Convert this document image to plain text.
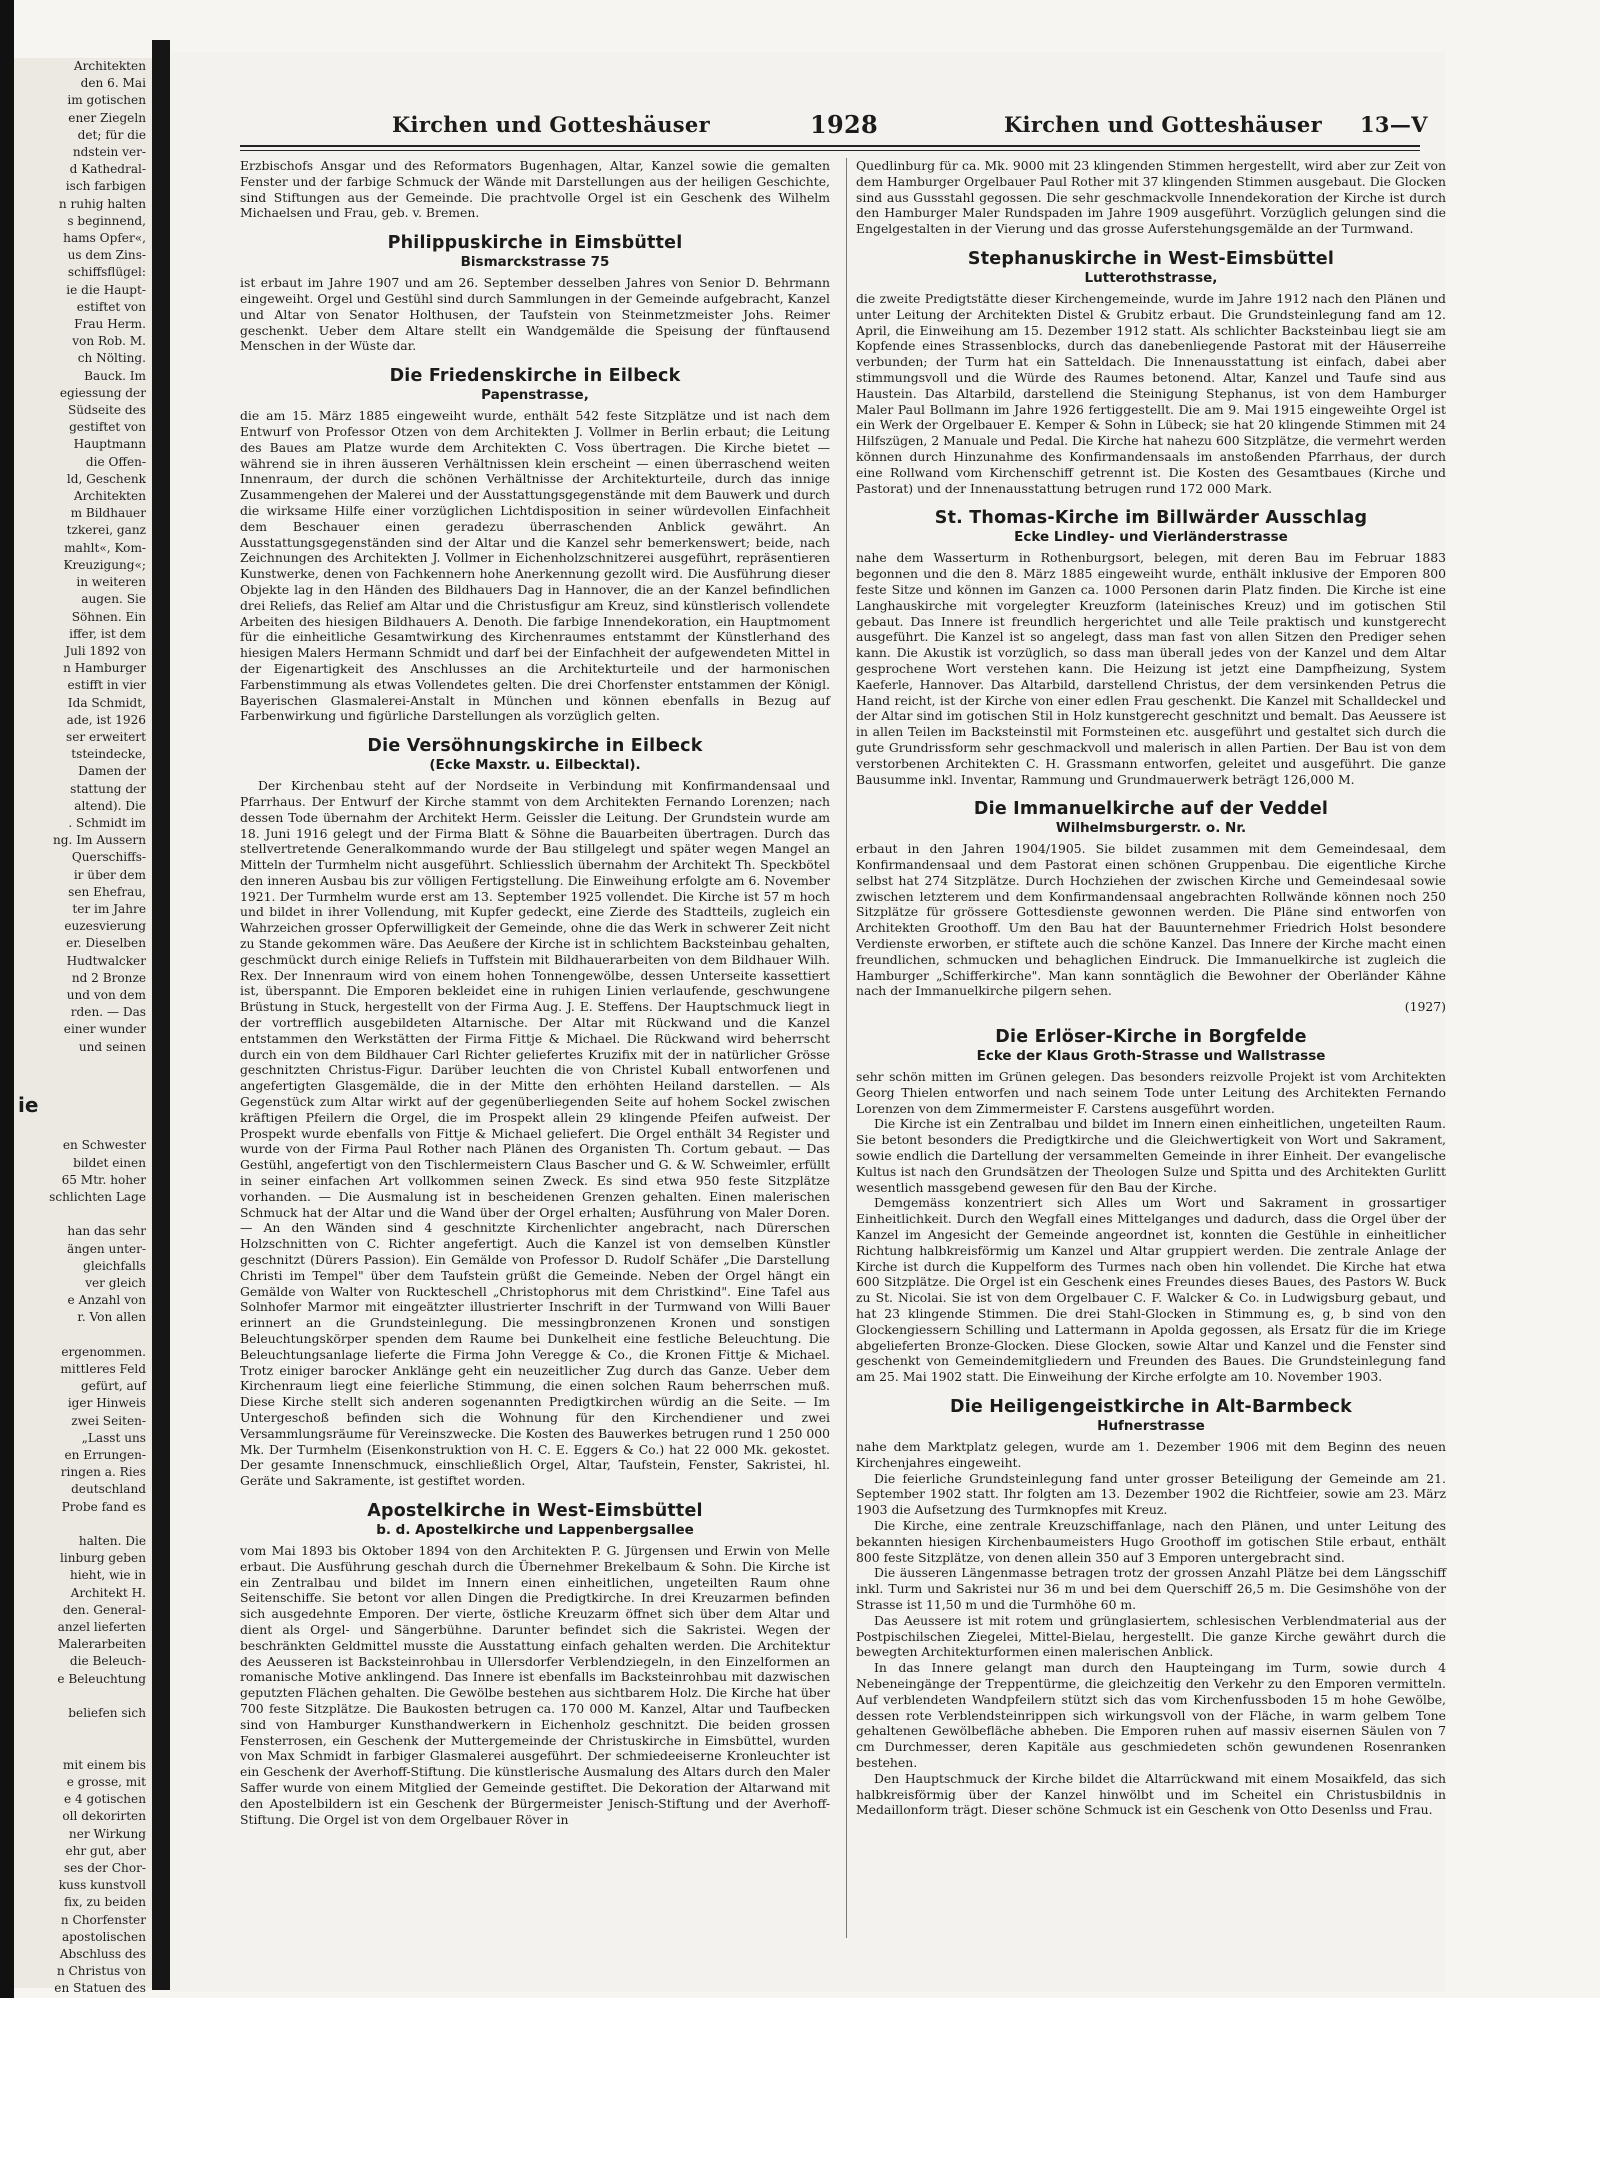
Architekten
den 6. Mai
im gotischen
ener Ziegeln
det; für die
ndstein ver-
d Kathedral-
isch farbigen
n ruhig halten
s beginnend,
hams Opfer«,
us dem Zins-
schiffsflügel:
ie die Haupt-
estiftet von
Frau Herm.
von Rob. M.
ch Nölting.
Bauck. Im
egiessung der
Südseite des
gestiftet von
Hauptmann
die Offen-
ld, Geschenk
Architekten
m Bildhauer
tzkerei, ganz
mahlt«, Kom-
Kreuzigung«;
in weiteren
augen. Sie
Söhnen. Ein
iffer, ist dem
Juli 1892 von
n Hamburger
estifft in vier
Ida Schmidt,
ade, ist 1926
ser erweitert
tsteindecke,
Damen der
stattung der
altend). Die
. Schmidt im
ng. Im Aussern
Querschiffs-
ir über dem
sen Ehefrau,
ter im Jahre
euzesvierung
er. Dieselben
Hudtwalcker
nd 2 Bronze
und von dem
rden. — Das
einer wunder
und seinen

ie

en Schwester
bildet einen
65 Mtr. hoher
schlichten Lage

han das sehr
ängen unter-
gleichfalls
ver gleich
e Anzahl von
r. Von allen

ergenommen.
mittleres Feld
gefürt, auf
iger Hinweis
zwei Seiten-
„Lasst uns
en Errungen-
ringen a. Ries
deutschland
Probe fand es

halten. Die
linburg geben
hieht, wie in
Architekt H.
den. General-
anzel lieferten
Malerarbeiten
die Beleuch-
e Beleuchtung

beliefen sich

mit einem bis
e grosse, mit
e 4 gotischen
oll dekorirten
ner Wirkung
ehr gut, aber
ses der Chor-
kuss kunstvoll
fix, zu beiden
n Chorfenster
apostolischen
Abschluss des
n Christus von
en Statuen des
Kirchen und Gotteshäuser	1928	Kirchen und Gotteshäuser 13—V

Erzbischofs Ansgar und des Reformators Bugenhagen, Altar, Kanzel sowie die gemalten Fenster und der farbige Schmuck der Wände mit Darstellungen aus der heiligen Geschichte, sind Stiftungen aus der Gemeinde. Die prachtvolle Orgel ist ein Geschenk des Wilhelm Michaelsen und Frau, geb. v. Bremen.

Philippuskirche in Eimsbüttel
Bismarckstrasse 75

ist erbaut im Jahre 1907 und am 26. September desselben Jahres von Senior D. Behrmann eingeweiht. Orgel und Gestühl sind durch Sammlungen in der Gemeinde aufgebracht, Kanzel und Altar von Senator Holthusen, der Taufstein von Steinmetzmeister Johs. Reimer geschenkt. Ueber dem Altare stellt ein Wandgemälde die Speisung der fünftausend Menschen in der Wüste dar.

Die Friedenskirche in Eilbeck
Papenstrasse,

die am 15. März 1885 eingeweiht wurde, enthält 542 feste Sitzplätze und ist nach dem Entwurf von Professor Otzen von dem Architekten J. Vollmer in Berlin erbaut; die Leitung des Baues am Platze wurde dem Architekten C. Voss übertragen. Die Kirche bietet — während sie in ihren äusseren Verhältnissen klein erscheint — einen überraschend weiten Innenraum, der durch die schönen Verhältnisse der Architekturteile, durch das innige Zusammengehen der Malerei und der Ausstattungsgegenstände mit dem Bauwerk und durch die wirksame Hilfe einer vorzüglichen Lichtdisposition in seiner würdevollen Einfachheit dem Beschauer einen geradezu überraschenden Anblick gewährt. An Ausstattungsgegenständen sind der Altar und die Kanzel sehr bemerkenswert; beide, nach Zeichnungen des Architekten J. Vollmer in Eichenholzschnitzerei ausgeführt, repräsentieren Kunstwerke, denen von Fachkennern hohe Anerkennung gezollt wird. Die Ausführung dieser Objekte lag in den Händen des Bildhauers Dag in Hannover, die an der Kanzel befindlichen drei Reliefs, das Relief am Altar und die Christusfigur am Kreuz, sind künstlerisch vollendete Arbeiten des hiesigen Bildhauers A. Denoth. Die farbige Innendekoration, ein Hauptmoment für die einheitliche Gesamtwirkung des Kirchenraumes entstammt der Künstlerhand des hiesigen Malers Hermann Schmidt und darf bei der Einfachheit der aufgewendeten Mittel in der Eigenartigkeit des Anschlusses an die Architekturteile und der harmonischen Farbenstimmung als etwas Vollendetes gelten. Die drei Chorfenster entstammen der Königl. Bayerischen Glasmalerei-Anstalt in München und können ebenfalls in Bezug auf Farbenwirkung und figürliche Darstellungen als vorzüglich gelten.

Die Versöhnungskirche in Eilbeck
(Ecke Maxstr. u. Eilbecktal).

Der Kirchenbau steht auf der Nordseite in Verbindung mit Konfirmandensaal und Pfarrhaus. Der Entwurf der Kirche stammt von dem Architekten Fernando Lorenzen; nach dessen Tode übernahm der Architekt Herm. Geissler die Leitung. Der Grundstein wurde am 18. Juni 1916 gelegt und der Firma Blatt & Söhne die Bauarbeiten übertragen. Durch das stellvertretende Generalkommando wurde der Bau stillgelegt und später wegen Mangel an Mitteln der Turmhelm nicht ausgeführt. Schliesslich übernahm der Architekt Th. Speckbötel den inneren Ausbau bis zur völligen Fertigstellung. Die Einweihung erfolgte am 6. November 1921. Der Turmhelm wurde erst am 13. September 1925 vollendet. Die Kirche ist 57 m hoch und bildet in ihrer Vollendung, mit Kupfer gedeckt, eine Zierde des Stadtteils, zugleich ein Wahrzeichen grosser Opferwilligkeit der Gemeinde, ohne die das Werk in schwerer Zeit nicht zu Stande gekommen wäre. Das Aeußere der Kirche ist in schlichtem Backsteinbau gehalten, geschmückt durch einige Reliefs in Tuffstein mit Bildhauerarbeiten von dem Bildhauer Wilh. Rex. Der Innenraum wird von einem hohen Tonnengewölbe, dessen Unterseite kassettiert ist, überspannt. Die Emporen bekleidet eine in ruhigen Linien verlaufende, geschwungene Brüstung in Stuck, hergestellt von der Firma Aug. J. E. Steffens. Der Hauptschmuck liegt in der vortrefflich ausgebildeten Altarnische. Der Altar mit Rückwand und die Kanzel entstammen den Werkstätten der Firma Fittje & Michael. Die Rückwand wird beherrscht durch ein von dem Bildhauer Carl Richter geliefertes Kruzifix mit der in natürlicher Grösse geschnitzten Christus-Figur. Darüber leuchten die von Christel Kuball entworfenen und angefertigten Glasgemälde, die in der Mitte den erhöhten Heiland darstellen. — Als Gegenstück zum Altar wirkt auf der gegenüberliegenden Seite auf hohem Sockel zwischen kräftigen Pfeilern die Orgel, die im Prospekt allein 29 klingende Pfeifen aufweist. Der Prospekt wurde ebenfalls von Fittje & Michael geliefert. Die Orgel enthält 34 Register und wurde von der Firma Paul Rother nach Plänen des Organisten Th. Cortum gebaut. — Das Gestühl, angefertigt von den Tischlermeistern Claus Bascher und G. & W. Schweimler, erfüllt in seiner einfachen Art vollkommen seinen Zweck. Es sind etwa 950 feste Sitzplätze vorhanden. — Die Ausmalung ist in bescheidenen Grenzen gehalten. Einen malerischen Schmuck hat der Altar und die Wand über der Orgel erhalten; Ausführung von Maler Doren. — An den Wänden sind 4 geschnitzte Kirchenlichter angebracht, nach Dürerschen Holzschnitten von C. Richter angefertigt. Auch die Kanzel ist von demselben Künstler geschnitzt (Dürers Passion). Ein Gemälde von Professor D. Rudolf Schäfer „Die Darstellung Christi im Tempel" über dem Taufstein grüßt die Gemeinde. Neben der Orgel hängt ein Gemälde von Walter von Ruckteschell „Christophorus mit dem Christkind". Eine Tafel aus Solnhofer Marmor mit eingeätzter illustrierter Inschrift in der Turmwand von Willi Bauer erinnert an die Grundsteinlegung. Die messingbronzenen Kronen und sonstigen Beleuchtungskörper spenden dem Raume bei Dunkelheit eine festliche Beleuchtung. Die Beleuchtungsanlage lieferte die Firma John Veregge & Co., die Kronen Fittje & Michael. Trotz einiger barocker Anklänge geht ein neuzeitlicher Zug durch das Ganze. Ueber dem Kirchenraum liegt eine feierliche Stimmung, die einen solchen Raum beherrschen muß. Diese Kirche stellt sich anderen sogenannten Predigtkirchen würdig an die Seite. — Im Untergeschoß befinden sich die Wohnung für den Kirchendiener und zwei Versammlungsräume für Vereinszwecke. Die Kosten des Bauwerkes betrugen rund 1 250 000 Mk. Der Turmhelm (Eisenkonstruktion von H. C. E. Eggers & Co.) hat 22 000 Mk. gekostet. Der gesamte Innenschmuck, einschließlich Orgel, Altar, Taufstein, Fenster, Sakristei, hl. Geräte und Sakramente, ist gestiftet worden.

Apostelkirche in West-Eimsbüttel
b. d. Apostelkirche und Lappenbergsallee

vom Mai 1893 bis Oktober 1894 von den Architekten P. G. Jürgensen und Erwin von Melle erbaut. Die Ausführung geschah durch die Übernehmer Brekelbaum & Sohn. Die Kirche ist ein Zentralbau und bildet im Innern einen einheitlichen, ungeteilten Raum ohne Seitenschiffe. Sie betont vor allen Dingen die Predigtkirche. In drei Kreuzarmen befinden sich ausgedehnte Emporen. Der vierte, östliche Kreuzarm öffnet sich über dem Altar und dient als Orgel- und Sängerbühne. Darunter befindet sich die Sakristei. Wegen der beschränkten Geldmittel musste die Ausstattung einfach gehalten werden. Die Architektur des Aeusseren ist Backsteinrohbau in Ullersdorfer Verblendziegeln, in den Einzelformen an romanische Motive anklingend. Das Innere ist ebenfalls im Backsteinrohbau mit dazwischen geputzten Flächen gehalten. Die Gewölbe bestehen aus sichtbarem Holz. Die Kirche hat über 700 feste Sitzplätze. Die Baukosten betrugen ca. 170 000 M. Kanzel, Altar und Taufbecken sind von Hamburger Kunsthandwerkern in Eichenholz geschnitzt. Die beiden grossen Fensterrosen, ein Geschenk der Muttergemeinde der Christuskirche in Eimsbüttel, wurden von Max Schmidt in farbiger Glasmalerei ausgeführt. Der schmiedeeiserne Kronleuchter ist ein Geschenk der Averhoff-Stiftung. Die künstlerische Ausmalung des Altars durch den Maler Saffer wurde von einem Mitglied der Gemeinde gestiftet. Die Dekoration der Altarwand mit den Apostelbildern ist ein Geschenk der Bürgermeister Jenisch-Stiftung und der Averhoff-Stiftung. Die Orgel ist von dem Orgelbauer Röver in

Quedlinburg für ca. Mk. 9000 mit 23 klingenden Stimmen hergestellt, wird aber zur Zeit von dem Hamburger Orgelbauer Paul Rother mit 37 klingenden Stimmen ausgebaut. Die Glocken sind aus Gussstahl gegossen. Die sehr geschmackvolle Innendekoration der Kirche ist durch den Hamburger Maler Rundspaden im Jahre 1909 ausgeführt. Vorzüglich gelungen sind die Engelgestalten in der Vierung und das grosse Auferstehungsgemälde an der Turmwand.

Stephanuskirche in West-Eimsbüttel
Lutterothstrasse,

die zweite Predigtstätte dieser Kirchengemeinde, wurde im Jahre 1912 nach den Plänen und unter Leitung der Architekten Distel & Grubitz erbaut. Die Grundsteinlegung fand am 12. April, die Einweihung am 15. Dezember 1912 statt. Als schlichter Backsteinbau liegt sie am Kopfende eines Strassenblocks, durch das danebenliegende Pastorat mit der Häuserreihe verbunden; der Turm hat ein Satteldach. Die Innenausstattung ist einfach, dabei aber stimmungsvoll und die Würde des Raumes betonend. Altar, Kanzel und Taufe sind aus Haustein. Das Altarbild, darstellend die Steinigung Stephanus, ist von dem Hamburger Maler Paul Bollmann im Jahre 1926 fertiggestellt. Die am 9. Mai 1915 eingeweihte Orgel ist ein Werk der Orgelbauer E. Kemper & Sohn in Lübeck; sie hat 20 klingende Stimmen mit 24 Hilfszügen, 2 Manuale und Pedal. Die Kirche hat nahezu 600 Sitzplätze, die vermehrt werden können durch Hinzunahme des Konfirmandensaals im anstoßenden Pfarrhaus, der durch eine Rollwand vom Kirchenschiff getrennt ist. Die Kosten des Gesamtbaues (Kirche und Pastorat) und der Innenausstattung betrugen rund 172 000 Mark.

St. Thomas-Kirche im Billwärder Ausschlag
Ecke Lindley- und Vierländerstrasse

nahe dem Wasserturm in Rothenburgsort, belegen, mit deren Bau im Februar 1883 begonnen und die den 8. März 1885 eingeweiht wurde, enthält inklusive der Emporen 800 feste Sitze und können im Ganzen ca. 1000 Personen darin Platz finden. Die Kirche ist eine Langhauskirche mit vorgelegter Kreuzform (lateinisches Kreuz) und im gotischen Stil gebaut. Das Innere ist freundlich hergerichtet und alle Teile praktisch und kunstgerecht ausgeführt. Die Kanzel ist so angelegt, dass man fast von allen Sitzen den Prediger sehen kann. Die Akustik ist vorzüglich, so dass man überall jedes von der Kanzel und dem Altar gesprochene Wort verstehen kann. Die Heizung ist jetzt eine Dampfheizung, System Kaeferle, Hannover. Das Altarbild, darstellend Christus, der dem versinkenden Petrus die Hand reicht, ist der Kirche von einer edlen Frau geschenkt. Die Kanzel mit Schalldeckel und der Altar sind im gotischen Stil in Holz kunstgerecht geschnitzt und bemalt. Das Aeussere ist in allen Teilen im Backsteinstil mit Formsteinen etc. ausgeführt und gestaltet sich durch die gute Grundrissform sehr geschmackvoll und malerisch in allen Partien. Der Bau ist von dem verstorbenen Architekten C. H. Grassmann entworfen, geleitet und ausgeführt. Die ganze Bausumme inkl. Inventar, Rammung und Grundmauerwerk beträgt 126,000 M.

Die Immanuelkirche auf der Veddel
Wilhelmsburgerstr. o. Nr.

erbaut in den Jahren 1904/1905. Sie bildet zusammen mit dem Gemeindesaal, dem Konfirmandensaal und dem Pastorat einen schönen Gruppenbau. Die eigentliche Kirche selbst hat 274 Sitzplätze. Durch Hochziehen der zwischen Kirche und Gemeindesaal sowie zwischen letzterem und dem Konfirmandensaal angebrachten Rollwände können noch 250 Sitzplätze für grössere Gottesdienste gewonnen werden. Die Pläne sind entworfen von Architekten Groothoff. Um den Bau hat der Bauunternehmer Friedrich Holst besondere Verdienste erworben, er stiftete auch die schöne Kanzel. Das Innere der Kirche macht einen freundlichen, schmucken und behaglichen Eindruck. Die Immanuelkirche ist zugleich die Hamburger „Schifferkirche". Man kann sonntäglich die Bewohner der Oberländer Kähne nach der Immanuelkirche pilgern sehen.

(1927)

Die Erlöser-Kirche in Borgfelde
Ecke der Klaus Groth-Strasse und Wallstrasse

sehr schön mitten im Grünen gelegen. Das besonders reizvolle Projekt ist vom Architekten Georg Thielen entworfen und nach seinem Tode unter Leitung des Architekten Fernando Lorenzen von dem Zimmermeister F. Carstens ausgeführt worden.

Die Kirche ist ein Zentralbau und bildet im Innern einen einheitlichen, ungeteilten Raum. Sie betont besonders die Predigtkirche und die Gleichwertigkeit von Wort und Sakrament, sowie endlich die Dartellung der versammelten Gemeinde in ihrer Einheit. Der evangelische Kultus ist nach den Grundsätzen der Theologen Sulze und Spitta und des Architekten Gurlitt wesentlich massgebend gewesen für den Bau der Kirche.

Demgemäss konzentriert sich Alles um Wort und Sakrament in grossartiger Einheitlichkeit. Durch den Wegfall eines Mittelganges und dadurch, dass die Orgel über der Kanzel im Angesicht der Gemeinde angeordnet ist, konnten die Gestühle in einheitlicher Richtung halbkreisförmig um Kanzel und Altar gruppiert werden. Die zentrale Anlage der Kirche ist durch die Kuppelform des Turmes nach oben hin vollendet. Die Kirche hat etwa 600 Sitzplätze. Die Orgel ist ein Geschenk eines Freundes dieses Baues, des Pastors W. Buck zu St. Nicolai. Sie ist von dem Orgelbauer C. F. Walcker & Co. in Ludwigsburg gebaut, und hat 23 klingende Stimmen. Die drei Stahl-Glocken in Stimmung es, g, b sind von den Glockengiessern Schilling und Lattermann in Apolda gegossen, als Ersatz für die im Kriege abgelieferten Bronze-Glocken. Diese Glocken, sowie Altar und Kanzel und die Fenster sind geschenkt von Gemeindemitgliedern und Freunden des Baues. Die Grundsteinlegung fand am 25. Mai 1902 statt. Die Einweihung der Kirche erfolgte am 10. November 1903.

Die Heiligengeistkirche in Alt-Barmbeck
Hufnerstrasse

nahe dem Marktplatz gelegen, wurde am 1. Dezember 1906 mit dem Beginn des neuen Kirchenjahres eingeweiht.

Die feierliche Grundsteinlegung fand unter grosser Beteiligung der Gemeinde am 21. September 1902 statt. Ihr folgten am 13. Dezember 1902 die Richtfeier, sowie am 23. März 1903 die Aufsetzung des Turmknopfes mit Kreuz.

Die Kirche, eine zentrale Kreuzschiffanlage, nach den Plänen, und unter Leitung des bekannten hiesigen Kirchenbaumeisters Hugo Groothoff im gotischen Stile erbaut, enthält 800 feste Sitzplätze, von denen allein 350 auf 3 Emporen untergebracht sind.

Die äusseren Längenmasse betragen trotz der grossen Anzahl Plätze bei dem Längsschiff inkl. Turm und Sakristei nur 36 m und bei dem Querschiff 26,5 m. Die Gesimshöhe von der Strasse ist 11,50 m und die Turmhöhe 60 m.

Das Aeussere ist mit rotem und grünglasiertem, schlesischen Verblendmaterial aus der Postpischilschen Ziegelei, Mittel-Bielau, hergestellt. Die ganze Kirche gewährt durch die bewegten Architekturformen einen malerischen Anblick.

In das Innere gelangt man durch den Haupteingang im Turm, sowie durch 4 Nebeneingänge der Treppentürme, die gleichzeitig den Verkehr zu den Emporen vermitteln. Auf verblendeten Wandpfeilern stützt sich das vom Kirchenfussboden 15 m hohe Gewölbe, dessen rote Verblendsteinrippen sich wirkungsvoll von der Fläche, in warm gelbem Tone gehaltenen Gewölbefläche abheben. Die Emporen ruhen auf massiv eisernen Säulen von 7 cm Durchmesser, deren Kapitäle aus geschmiedeten schön gewundenen Rosenranken bestehen.

Den Hauptschmuck der Kirche bildet die Altarrückwand mit einem Mosaikfeld, das sich halbkreisförmig über der Kanzel hinwölbt und im Scheitel ein Christusbildnis in Medaillonform trägt. Dieser schöne Schmuck ist ein Geschenk von Otto Desenlss und Frau.
